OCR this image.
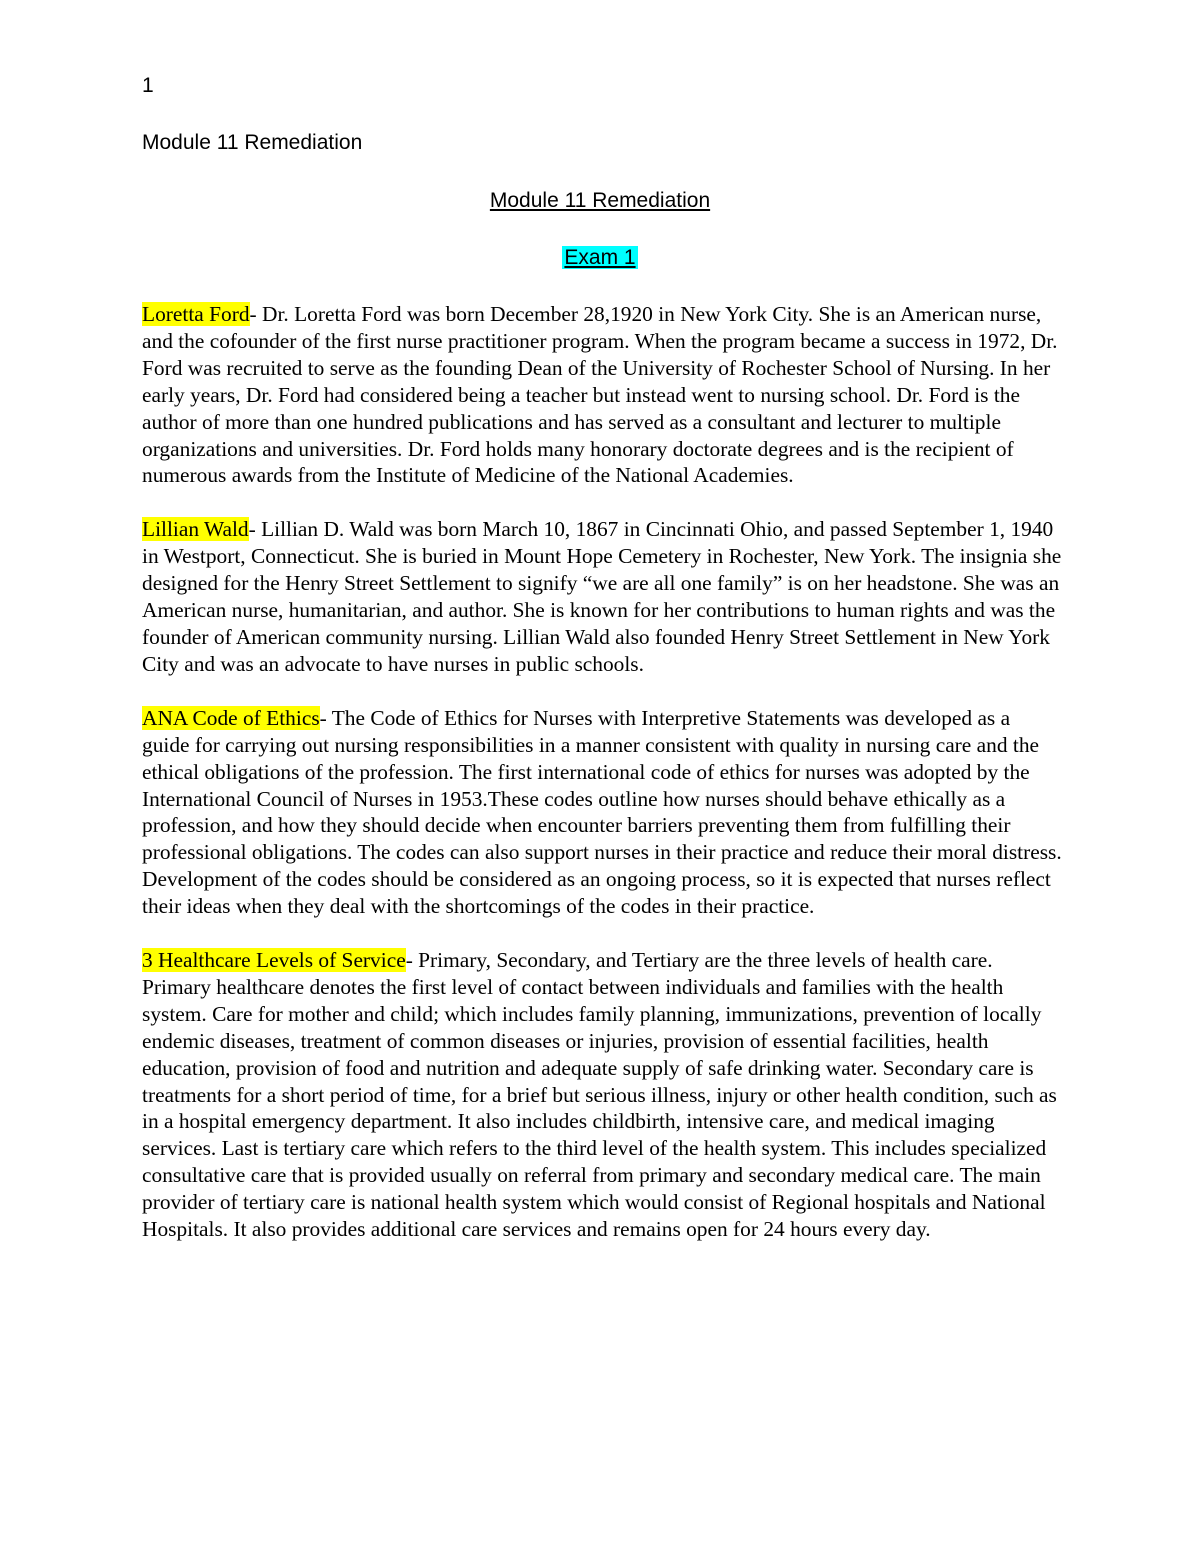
1
Module 11 Remediation
Module 11 Remediation
Exam 1

Loretta Ford- Dr. Loretta Ford was born December 28,1920 in New York City. She is an American nurse, and the cofounder of the first nurse practitioner program. When the program became a success in 1972, Dr. Ford was recruited to serve as the founding Dean of the University of Rochester School of Nursing. In her early years, Dr. Ford had considered being a teacher but instead went to nursing school. Dr. Ford is the author of more than one hundred publications and has served as a consultant and lecturer to multiple organizations and universities. Dr. Ford holds many honorary doctorate degrees and is the recipient of numerous awards from the Institute of Medicine of the National Academies.

Lillian Wald- Lillian D. Wald was born March 10, 1867 in Cincinnati Ohio, and passed September 1, 1940 in Westport, Connecticut. She is buried in Mount Hope Cemetery in Rochester, New York. The insignia she designed for the Henry Street Settlement to signify “we are all one family” is on her headstone. She was an American nurse, humanitarian, and author. She is known for her contributions to human rights and was the founder of American community nursing. Lillian Wald also founded Henry Street Settlement in New York City and was an advocate to have nurses in public schools.

ANA Code of Ethics- The Code of Ethics for Nurses with Interpretive Statements was developed as a guide for carrying out nursing responsibilities in a manner consistent with quality in nursing care and the ethical obligations of the profession. The first international code of ethics for nurses was adopted by the International Council of Nurses in 1953.These codes outline how nurses should behave ethically as a profession, and how they should decide when encounter barriers preventing them from fulfilling their professional obligations. The codes can also support nurses in their practice and reduce their moral distress. Development of the codes should be considered as an ongoing process, so it is expected that nurses reflect their ideas when they deal with the shortcomings of the codes in their practice.

3 Healthcare Levels of Service- Primary, Secondary, and Tertiary are the three levels of health care. Primary healthcare denotes the first level of contact between individuals and families with the health system. Care for mother and child; which includes family planning, immunizations, prevention of locally endemic diseases, treatment of common diseases or injuries, provision of essential facilities, health education, provision of food and nutrition and adequate supply of safe drinking water. Secondary care is treatments for a short period of time, for a brief but serious illness, injury or other health condition, such as in a hospital emergency department. It also includes childbirth, intensive care, and medical imaging services. Last is tertiary care which refers to the third level of the health system. This includes specialized consultative care that is provided usually on referral from primary and secondary medical care. The main provider of tertiary care is national health system which would consist of Regional hospitals and National Hospitals. It also provides additional care services and remains open for 24 hours every day.
